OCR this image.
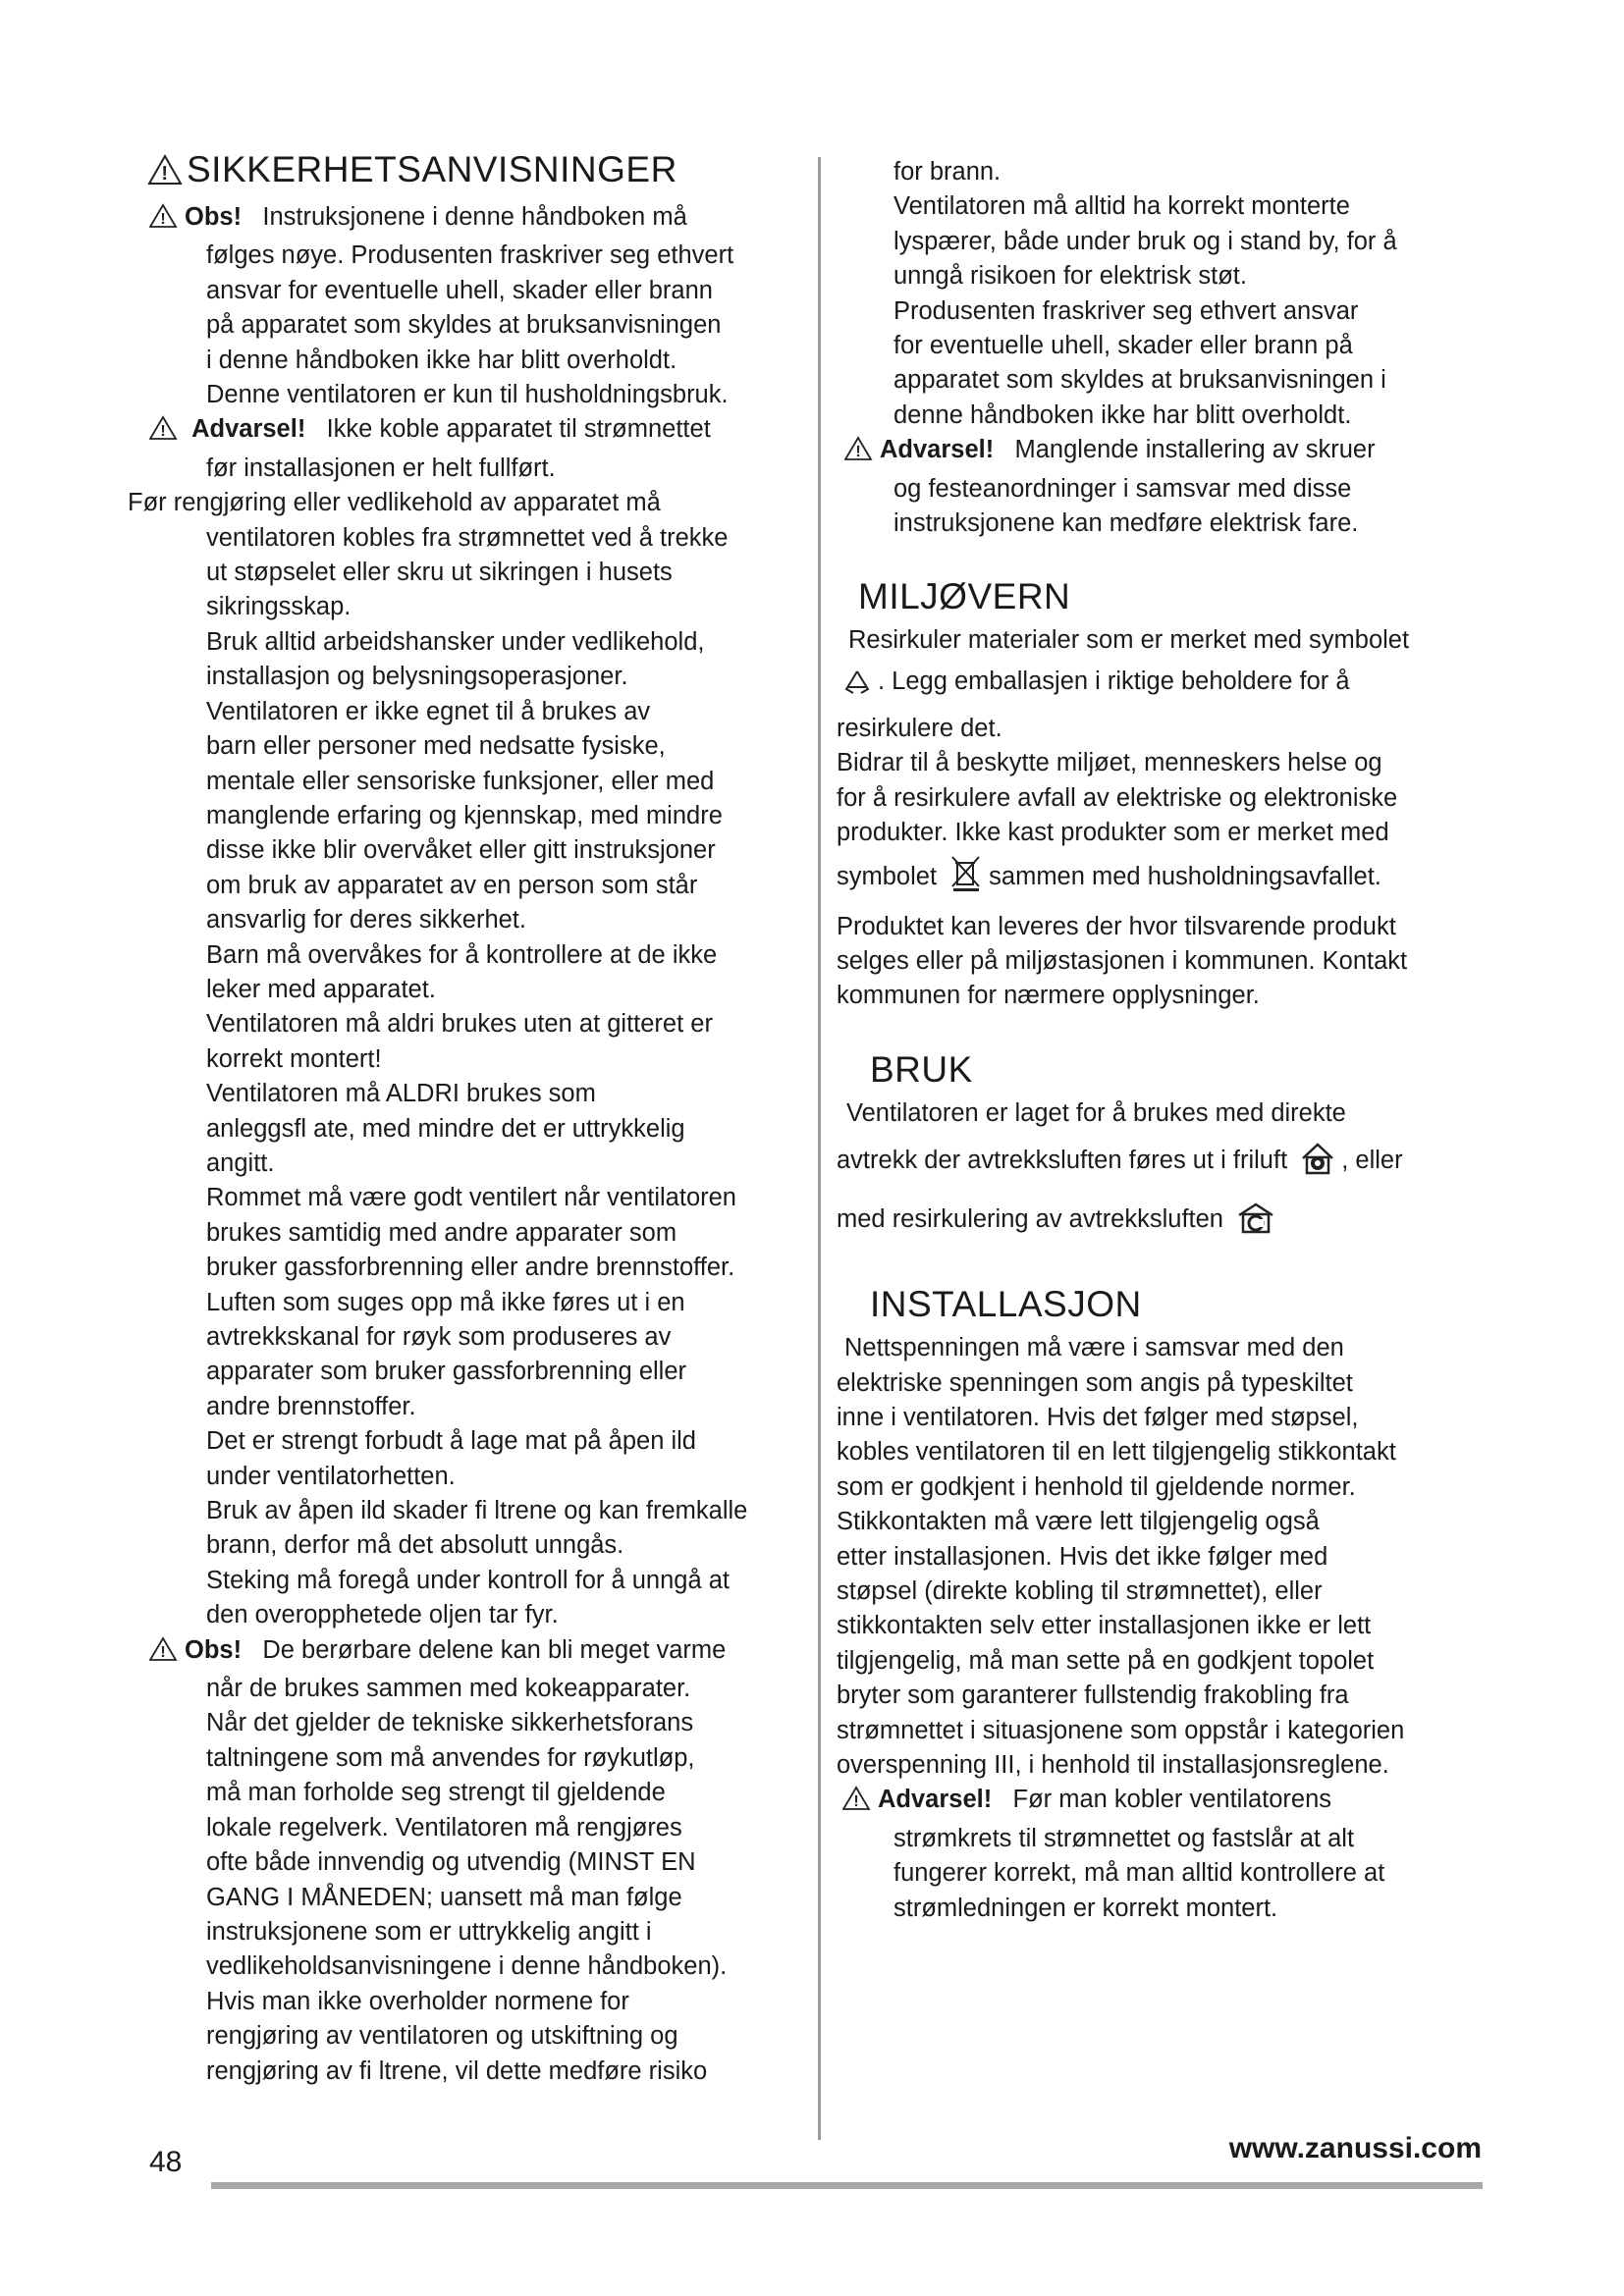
! SIKKERHETSANVISNINGER
! Obs! Instruksjonene i denne håndboken må
følges nøye. Produsenten fraskriver seg ethvert
ansvar for eventuelle uhell, skader eller brann
på apparatet som skyldes at bruksanvisningen
i denne håndboken ikke har blitt overholdt.
Denne ventilatoren er kun til husholdningsbruk.
! Advarsel! Ikke koble apparatet til strømnettet
før installasjonen er helt fullført.
Før rengjøring eller vedlikehold av apparatet må
ventilatoren kobles fra strømnettet ved å trekke
ut støpselet eller skru ut sikringen i husets
sikringsskap.
Bruk alltid arbeidshansker under vedlikehold,
installasjon og belysningsoperasjoner.
Ventilatoren er ikke egnet til å brukes av
barn eller personer med nedsatte fysiske,
mentale eller sensoriske funksjoner, eller med
manglende erfaring og kjennskap, med mindre
disse ikke blir overvåket eller gitt instruksjoner
om bruk av apparatet av en person som står
ansvarlig for deres sikkerhet.
Barn må overvåkes for å kontrollere at de ikke
leker med apparatet.
Ventilatoren må aldri brukes uten at gitteret er
korrekt montert!
Ventilatoren må ALDRI brukes som
anleggsfl ate, med mindre det er uttrykkelig
angitt.
Rommet må være godt ventilert når ventilatoren
brukes samtidig med andre apparater som
bruker gassforbrenning eller andre brennstoffer.
Luften som suges opp må ikke føres ut i en
avtrekkskanal for røyk som produseres av
apparater som bruker gassforbrenning eller
andre brennstoffer.
Det er strengt forbudt å lage mat på åpen ild
under ventilatorhetten.
Bruk av åpen ild skader fi ltrene og kan fremkalle
brann, derfor må det absolutt unngås.
Steking må foregå under kontroll for å unngå at
den overopphetede oljen tar fyr.
! Obs! De berørbare delene kan bli meget varme
når de brukes sammen med kokeapparater.
Når det gjelder de tekniske sikkerhetsforans
taltningene som må anvendes for røykutløp,
må man forholde seg strengt til gjeldende
lokale regelverk. Ventilatoren må rengjøres
ofte både innvendig og utvendig (MINST EN
GANG I MÅNEDEN; uansett må man følge
instruksjonene som er uttrykkelig angitt i
vedlikeholdsanvisningene i denne håndboken).
Hvis man ikke overholder normene for
rengjøring av ventilatoren og utskiftning og
rengjøring av fi ltrene, vil dette medføre risiko
for brann.
Ventilatoren må alltid ha korrekt monterte
lyspærer, både under bruk og i stand by, for å
unngå risikoen for elektrisk støt.
Produsenten fraskriver seg ethvert ansvar
for eventuelle uhell, skader eller brann på
apparatet som skyldes at bruksanvisningen i
denne håndboken ikke har blitt overholdt.
! Advarsel! Manglende installering av skruer
og festeanordninger i samsvar med disse
instruksjonene kan medføre elektrisk fare.
MILJØVERN
Resirkuler materialer som er merket med symbolet
. Legg emballasjen i riktige beholdere for å
resirkulere det.
Bidrar til å beskytte miljøet, menneskers helse og
for å resirkulere avfall av elektriske og elektroniske
produkter. Ikke kast produkter som er merket med
symbolet sammen med husholdningsavfallet.
Produktet kan leveres der hvor tilsvarende produkt
selges eller på miljøstasjonen i kommunen. Kontakt
kommunen for nærmere opplysninger.
BRUK
Ventilatoren er laget for å brukes med direkte
avtrekk der avtrekksluften føres ut i friluft , eller
med resirkulering av avtrekksluften
INSTALLASJON
Nettspenningen må være i samsvar med den
elektriske spenningen som angis på typeskiltet
inne i ventilatoren. Hvis det følger med støpsel,
kobles ventilatoren til en lett tilgjengelig stikkontakt
som er godkjent i henhold til gjeldende normer.
Stikkontakten må være lett tilgjengelig også
etter installasjonen. Hvis det ikke følger med
støpsel (direkte kobling til strømnettet), eller
stikkontakten selv etter installasjonen ikke er lett
tilgjengelig, må man sette på en godkjent topolet
bryter som garanterer fullstendig frakobling fra
strømnettet i situasjonene som oppstår i kategorien
overspenning III, i henhold til installasjonsreglene.
! Advarsel! Før man kobler ventilatorens
strømkrets til strømnettet og fastslår at alt
fungerer korrekt, må man alltid kontrollere at
strømledningen er korrekt montert.
48	www.zanussi.com
